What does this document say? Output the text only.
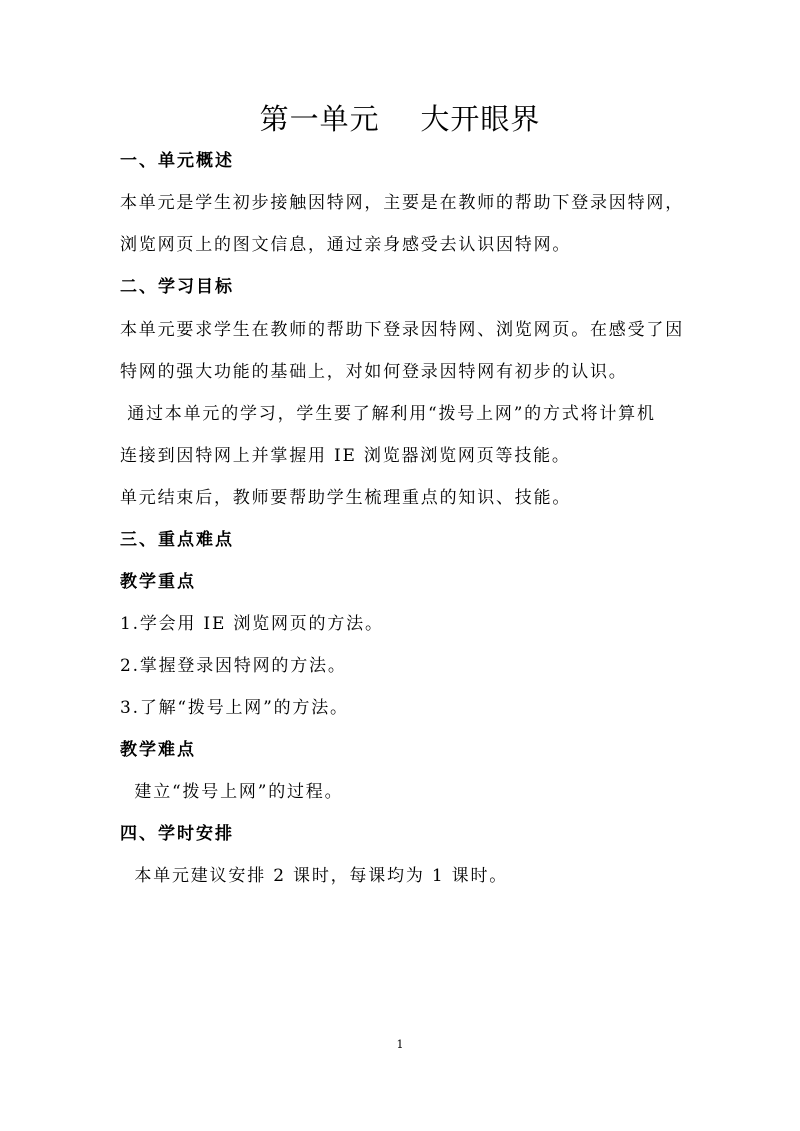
第一单元    大开眼界
一、单元概述
本单元是学生初步接触因特网，主要是在教师的帮助下登录因特网，
浏览网页上的图文信息，通过亲身感受去认识因特网。
二、学习目标
本单元要求学生在教师的帮助下登录因特网、浏览网页。在感受了因
特网的强大功能的基础上，对如何登录因特网有初步的认识。
通过本单元的学习，学生要了解利用“拨号上网”的方式将计算机
连接到因特网上并掌握用 IE 浏览器浏览网页等技能。
单元结束后，教师要帮助学生梳理重点的知识、技能。
三、重点难点
教学重点
1.学会用 IE 浏览网页的方法。
2.掌握登录因特网的方法。
3.了解“拨号上网”的方法。
教学难点
建立“拨号上网”的过程。
四、学时安排
本单元建议安排 2 课时，每课均为 1 课时。
1
